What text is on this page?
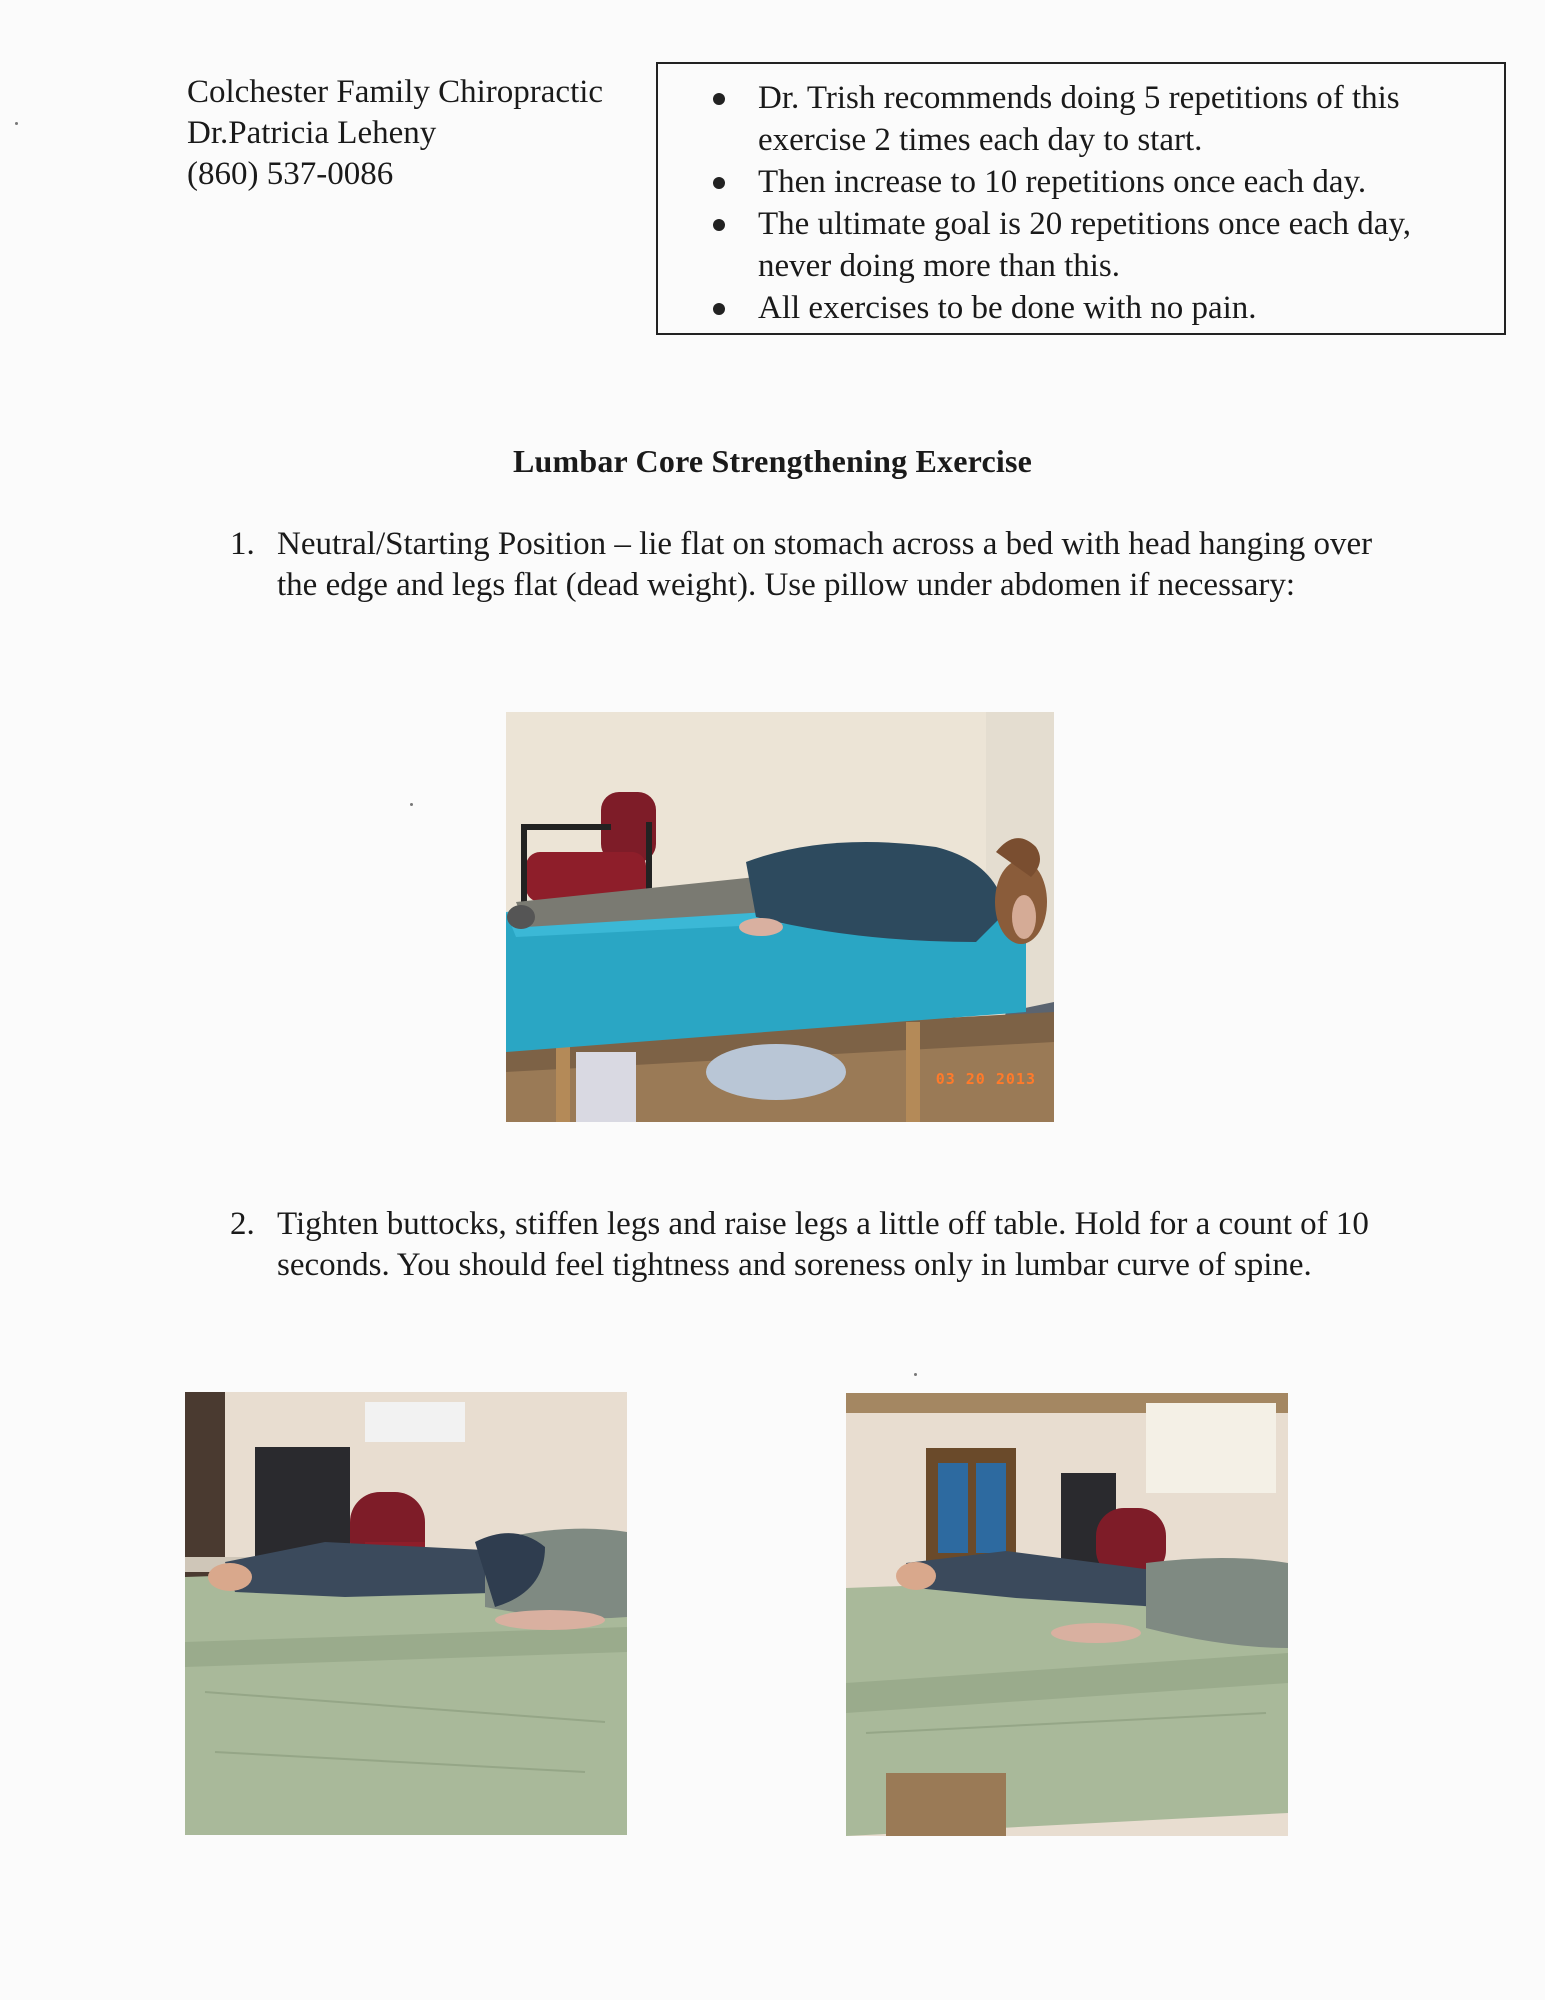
Colchester Family Chiropractic
Dr.Patricia Leheny
(860) 537-0086
Dr. Trish recommends doing 5 repetitions of this exercise 2 times each day to start.
Then increase to 10 repetitions once each day.
The ultimate goal is 20 repetitions once each day, never doing more than this.
All exercises to be done with no pain.
Lumbar Core Strengthening Exercise
1. Neutral/Starting Position – lie flat on stomach across a bed with head hanging over the edge and legs flat (dead weight). Use pillow under abdomen if necessary:
03 20 2013
2. Tighten buttocks, stiffen legs and raise legs a little off table. Hold for a count of 10 seconds. You should feel tightness and soreness only in lumbar curve of spine.
